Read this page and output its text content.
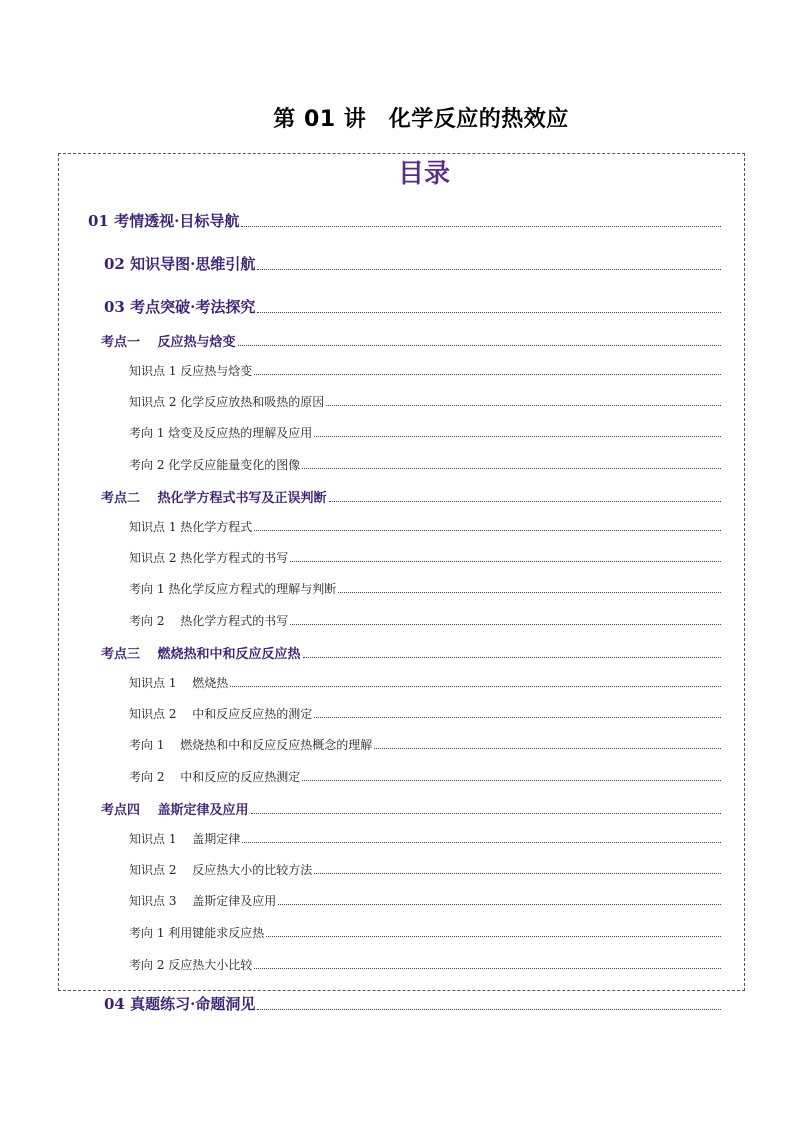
第 01 讲　化学反应的热效应
目录
01 考情透视·目标导航
02 知识导图·思维引航
03 考点突破·考法探究
考点一　 反应热与焓变
知识点 1 反应热与焓变
知识点 2 化学反应放热和吸热的原因
考向 1 焓变及反应热的理解及应用
考向 2 化学反应能量变化的图像
考点二　 热化学方程式书写及正误判断
知识点 1 热化学方程式
知识点 2 热化学方程式的书写
考向 1 热化学反应方程式的理解与判断
考向 2　 热化学方程式的书写
考点三　 燃烧热和中和反应反应热
知识点 1　 燃烧热
知识点 2　 中和反应反应热的测定
考向 1　 燃烧热和中和反应反应热概念的理解
考向 2　 中和反应的反应热测定
考点四　 盖斯定律及应用
知识点 1　 盖期定律
知识点 2　 反应热大小的比较方法
知识点 3　 盖斯定律及应用
考向 1 利用键能求反应热
考向 2 反应热大小比较
04 真题练习·命题洞见
